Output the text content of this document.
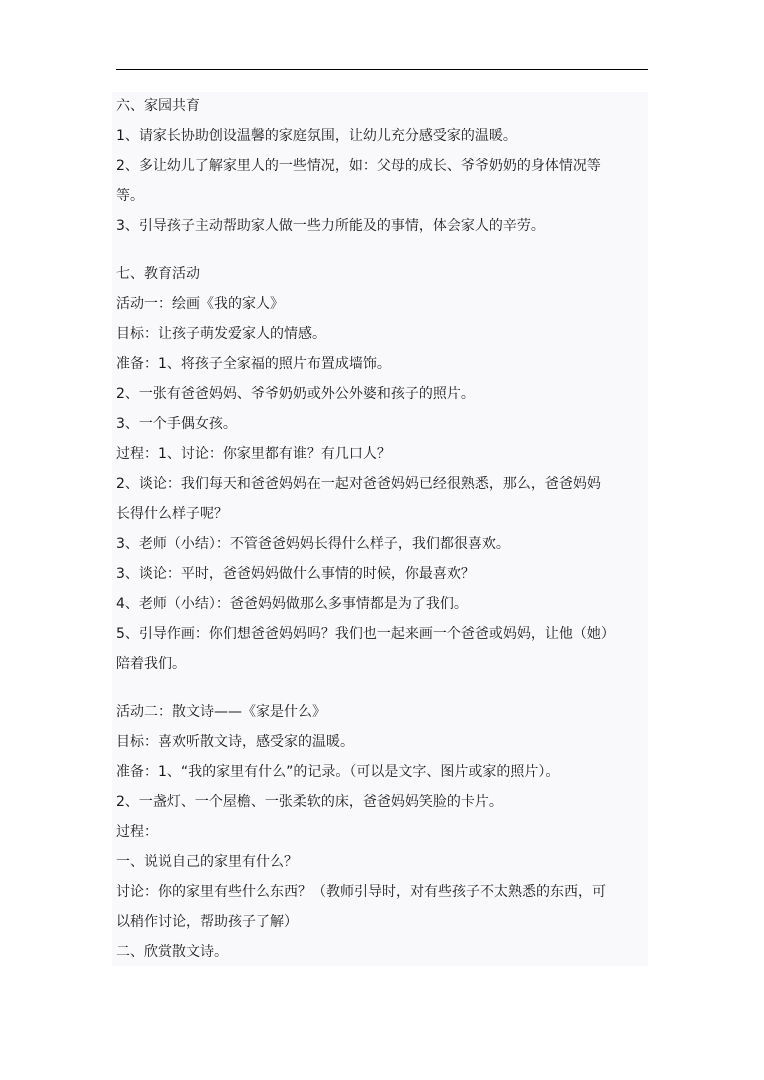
六、家园共育
1、请家长协助创设温馨的家庭氛围，让幼儿充分感受家的温暖。
2、多让幼儿了解家里人的一些情况，如：父母的成长、爷爷奶奶的身体情况等
等。
3、引导孩子主动帮助家人做一些力所能及的事情，体会家人的辛劳。
七、教育活动
活动一：绘画《我的家人》
目标：让孩子萌发爱家人的情感。
准备：1、将孩子全家福的照片布置成墙饰。
2、一张有爸爸妈妈、爷爷奶奶或外公外婆和孩子的照片。
3、一个手偶女孩。
过程：1、讨论：你家里都有谁？有几口人？
2、谈论：我们每天和爸爸妈妈在一起对爸爸妈妈已经很熟悉，那么，爸爸妈妈
长得什么样子呢？
3、老师（小结）：不管爸爸妈妈长得什么样子，我们都很喜欢。
3、谈论：平时，爸爸妈妈做什么事情的时候，你最喜欢？
4、老师（小结）：爸爸妈妈做那么多事情都是为了我们。
5、引导作画：你们想爸爸妈妈吗？我们也一起来画一个爸爸或妈妈，让他（她）
陪着我们。
活动二：散文诗——《家是什么》
目标：喜欢听散文诗，感受家的温暖。
准备：1、“我的家里有什么”的记录。（可以是文字、图片或家的照片）。
2、一盏灯、一个屋檐、一张柔软的床，爸爸妈妈笑脸的卡片。
过程：
一、说说自己的家里有什么？
讨论：你的家里有些什么东西？（教师引导时，对有些孩子不太熟悉的东西，可
以稍作讨论，帮助孩子了解）
二、欣赏散文诗。
